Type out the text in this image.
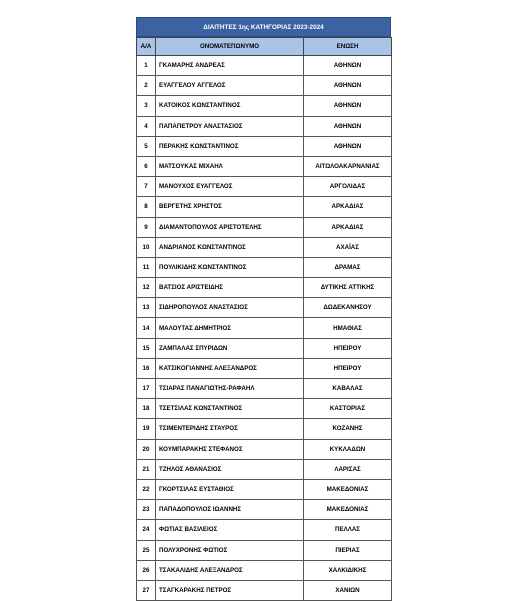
ΔΙΑΙΤΗΤΕΣ 1ης ΚΑΤΗΓΟΡΙΑΣ 2023-2024
Α/Α	ΟΝΟΜΑΤΕΠΩΝΥΜΟ	ΕΝΩΣΗ
1	ΓΚΑΜΑΡΗΣ ΑΝΔΡΕΑΣ	ΑΘΗΝΩΝ
2	ΕΥΑΓΓΕΛΟΥ ΑΓΓΕΛΟΣ	ΑΘΗΝΩΝ
3	ΚΑΤΟΙΚΟΣ ΚΩΝΣΤΑΝΤΙΝΟΣ	ΑΘΗΝΩΝ
4	ΠΑΠΑΠΕΤΡΟΥ ΑΝΑΣΤΑΣΙΟΣ	ΑΘΗΝΩΝ
5	ΠΕΡΑΚΗΣ ΚΩΝΣΤΑΝΤΙΝΟΣ	ΑΘΗΝΩΝ
6	ΜΑΤΣΟΥΚΑΣ ΜΙΧΑΗΛ	ΑΙΤΩΛΟΑΚΑΡΝΑΝΙΑΣ
7	ΜΑΝΟΥΧΟΣ ΕΥΑΓΓΕΛΟΣ	ΑΡΓΟΛΙΔΑΣ
8	ΒΕΡΓΕΤΗΣ ΧΡΗΣΤΟΣ	ΑΡΚΑΔΙΑΣ
9	ΔΙΑΜΑΝΤΟΠΟΥΛΟΣ ΑΡΙΣΤΟΤΕΛΗΣ	ΑΡΚΑΔΙΑΣ
10	ΑΝΔΡΙΑΝΟΣ ΚΩΝΣΤΑΝΤΙΝΟΣ	ΑΧΑΪΑΣ
11	ΠΟΥΛΙΚΙΔΗΣ ΚΩΝΣΤΑΝΤΙΝΟΣ	ΔΡΑΜΑΣ
12	ΒΑΤΣΙΟΣ ΑΡΙΣΤΕΙΔΗΣ	ΔΥΤΙΚΗΣ ΑΤΤΙΚΗΣ
13	ΣΙΔΗΡΟΠΟΥΛΟΣ ΑΝΑΣΤΑΣΙΟΣ	ΔΩΔΕΚΑΝΗΣΟΥ
14	ΜΑΛΟΥΤΑΣ ΔΗΜΗΤΡΙΟΣ	ΗΜΑΘΙΑΣ
15	ΖΑΜΠΑΛΑΣ ΣΠΥΡΙΔΩΝ	ΗΠΕΙΡΟΥ
16	ΚΑΤΣΙΚΟΓΙΑΝΝΗΣ ΑΛΕΞΑΝΔΡΟΣ	ΗΠΕΙΡΟΥ
17	ΤΣΙΑΡΑΣ ΠΑΝΑΓΙΩΤΗΣ-ΡΑΦΑΗΛ	ΚΑΒΑΛΑΣ
18	ΤΣΕΤΣΙΛΑΣ ΚΩΝΣΤΑΝΤΙΝΟΣ	ΚΑΣΤΟΡΙΑΣ
19	ΤΣΙΜΕΝΤΕΡΙΔΗΣ ΣΤΑΥΡΟΣ	ΚΟΖΑΝΗΣ
20	ΚΟΥΜΠΑΡΑΚΗΣ ΣΤΕΦΑΝΟΣ	ΚΥΚΛΑΔΩΝ
21	ΤΖΗΛΟΣ ΑΘΑΝΑΣΙΟΣ	ΛΑΡΙΣΑΣ
22	ΓΚΟΡΤΣΙΛΑΣ ΕΥΣΤΑΘΙΟΣ	ΜΑΚΕΔΟΝΙΑΣ
23	ΠΑΠΑΔΟΠΟΥΛΟΣ ΙΩΑΝΝΗΣ	ΜΑΚΕΔΟΝΙΑΣ
24	ΦΩΤΙΑΣ ΒΑΣΙΛΕΙΟΣ	ΠΕΛΛΑΣ
25	ΠΟΛΥΧΡΟΝΗΣ ΦΩΤΙΟΣ	ΠΙΕΡΙΑΣ
26	ΤΣΑΚΑΛΙΔΗΣ ΑΛΕΞΑΝΔΡΟΣ	ΧΑΛΚΙΔΙΚΗΣ
27	ΤΣΑΓΚΑΡΑΚΗΣ ΠΕΤΡΟΣ	ΧΑΝΙΩΝ
